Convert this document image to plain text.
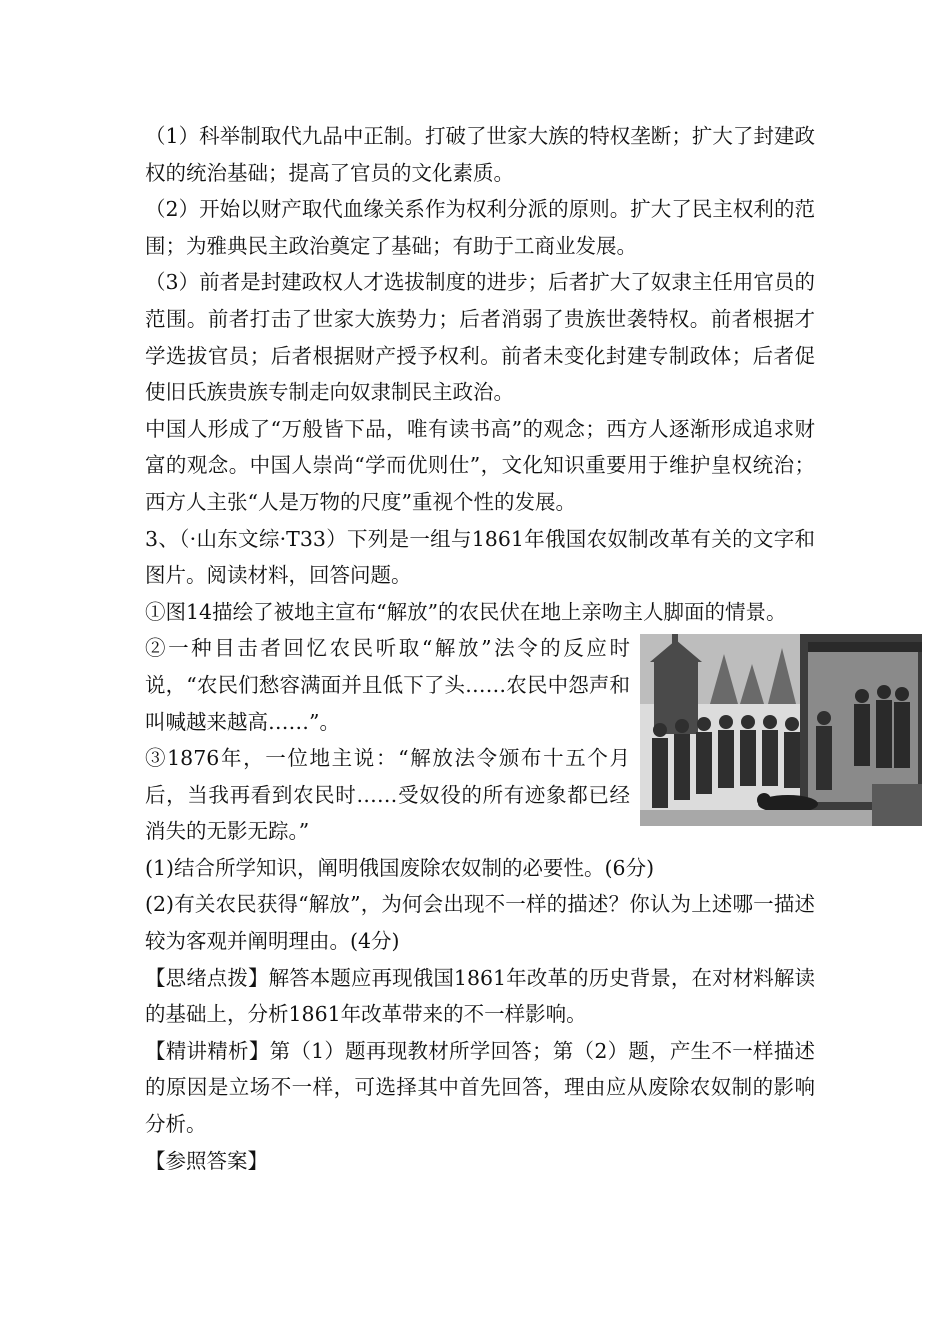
（1）科举制取代九品中正制。打破了世家大族的特权垄断；扩大了封建政权的统治基础；提高了官员的文化素质。

（2）开始以财产取代血缘关系作为权利分派的原则。扩大了民主权利的范围；为雅典民主政治奠定了基础；有助于工商业发展。

（3）前者是封建政权人才选拔制度的进步；后者扩大了奴隶主任用官员的范围。前者打击了世家大族势力；后者消弱了贵族世袭特权。前者根据才学选拔官员；后者根据财产授予权利。前者未变化封建专制政体；后者促使旧氏族贵族专制走向奴隶制民主政治。

中国人形成了“万般皆下品，唯有读书高”的观念；西方人逐渐形成追求财富的观念。中国人崇尚“学而优则仕”，文化知识重要用于维护皇权统治；西方人主张“人是万物的尺度”重视个性的发展。

3、（·山东文综·T33）下列是一组与1861年俄国农奴制改革有关的文字和图片。阅读材料，回答问题。

①图14描绘了被地主宣布“解放”的农民伏在地上亲吻主人脚面的情景。

②一种目击者回忆农民听取“解放”法令的反应时说，“农民们愁容满面并且低下了头……农民中怨声和叫喊越来越高……”。

③1876年，一位地主说：“解放法令颁布十五个月后，当我再看到农民时……受奴役的所有迹象都已经消失的无影无踪。”

(1)结合所学知识，阐明俄国废除农奴制的必要性。(6分)

(2)有关农民获得“解放”，为何会出现不一样的描述？你认为上述哪一描述较为客观并阐明理由。(4分)

【思绪点拨】解答本题应再现俄国1861年改革的历史背景，在对材料解读的基础上，分析1861年改革带来的不一样影响。

【精讲精析】第（1）题再现教材所学回答；第（2）题，产生不一样描述的原因是立场不一样，可选择其中首先回答，理由应从废除农奴制的影响分析。

【参照答案】
